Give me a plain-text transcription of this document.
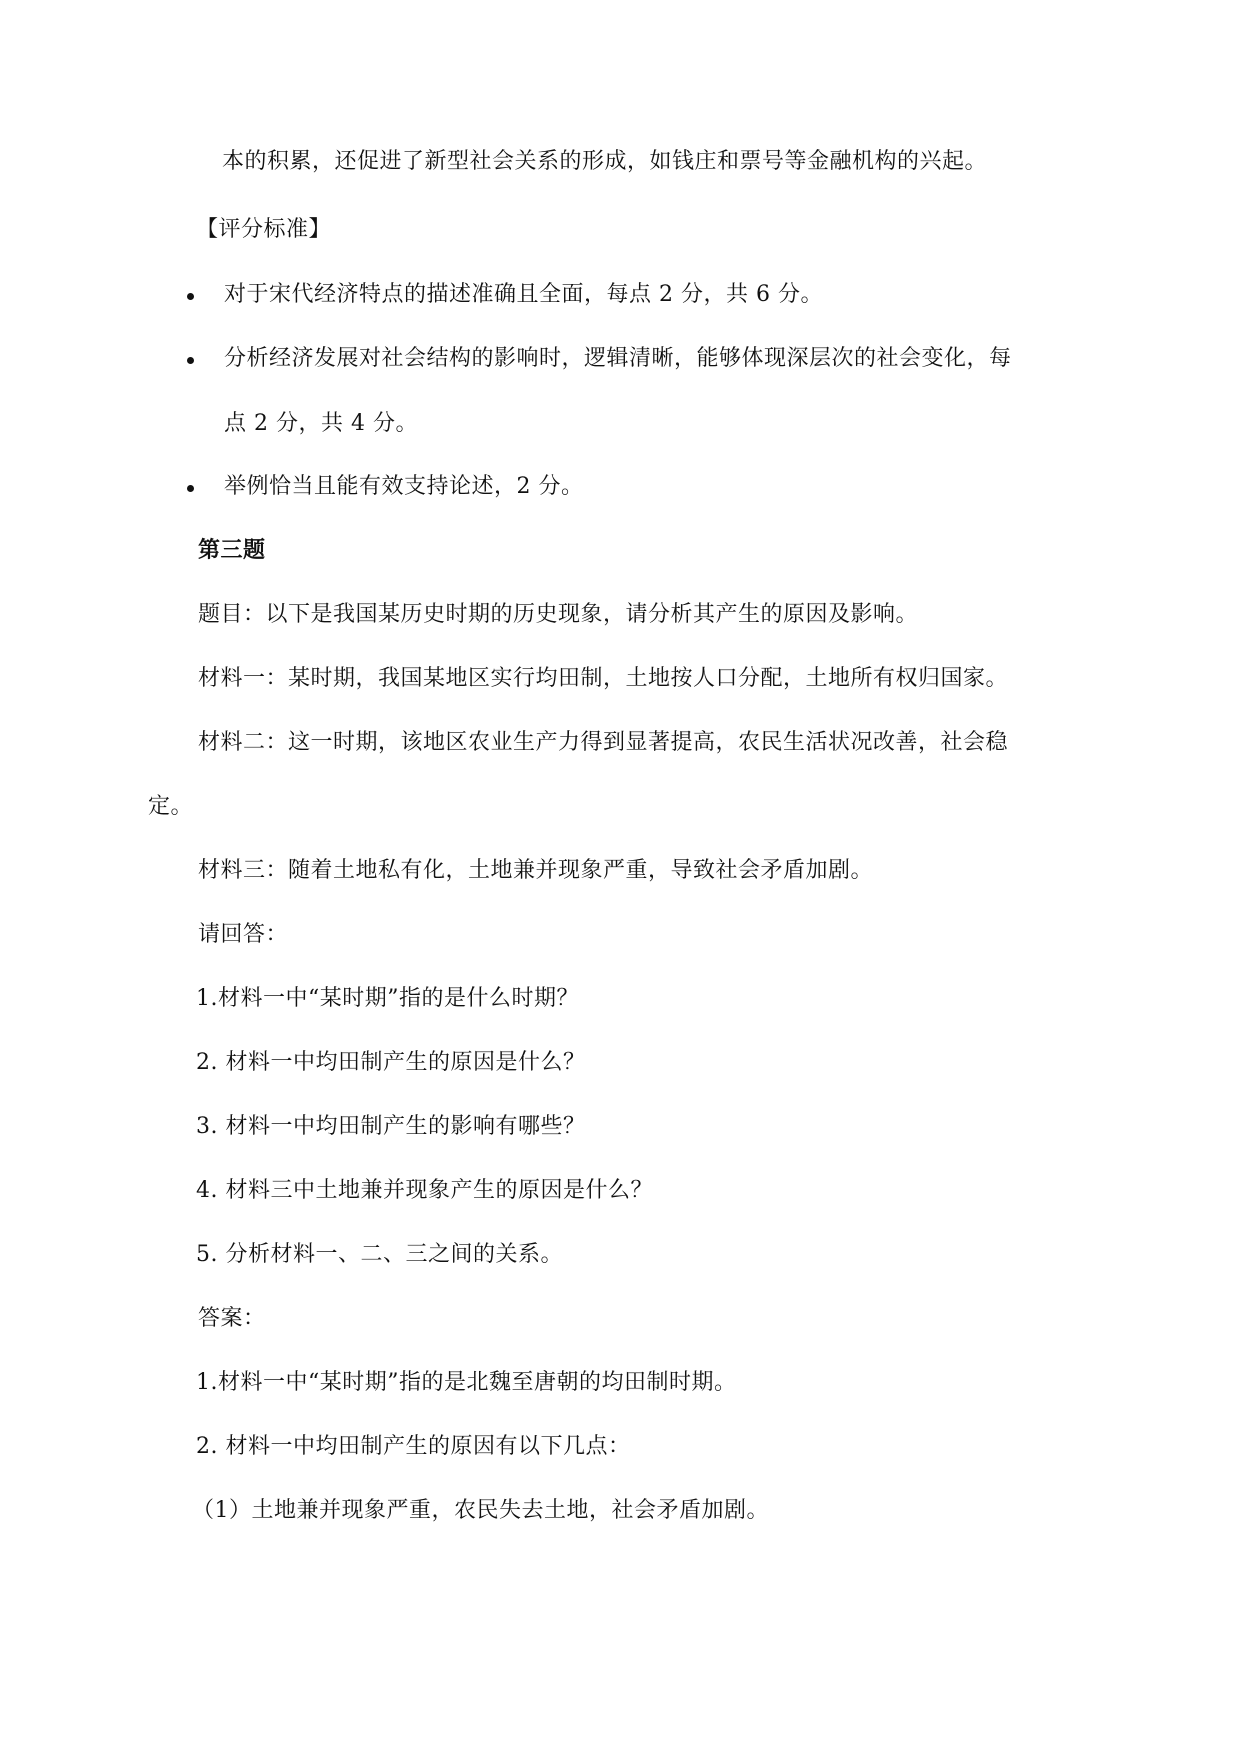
本的积累，还促进了新型社会关系的形成，如钱庄和票号等金融机构的兴起。
【评分标准】
对于宋代经济特点的描述准确且全面，每点 2 分，共 6 分。
分析经济发展对社会结构的影响时，逻辑清晰，能够体现深层次的社会变化，每
点 2 分，共 4 分。
举例恰当且能有效支持论述，2 分。
第三题
题目：以下是我国某历史时期的历史现象，请分析其产生的原因及影响。
材料一：某时期，我国某地区实行均田制，土地按人口分配，土地所有权归国家。
材料二：这一时期，该地区农业生产力得到显著提高，农民生活状况改善，社会稳
定。
材料三：随着土地私有化，土地兼并现象严重，导致社会矛盾加剧。
请回答：
1.材料一中“某时期”指的是什么时期？
2. 材料一中均田制产生的原因是什么？
3. 材料一中均田制产生的影响有哪些？
4. 材料三中土地兼并现象产生的原因是什么？
5. 分析材料一、二、三之间的关系。
答案：
1.材料一中“某时期”指的是北魏至唐朝的均田制时期。
2. 材料一中均田制产生的原因有以下几点：
（1）土地兼并现象严重，农民失去土地，社会矛盾加剧。
